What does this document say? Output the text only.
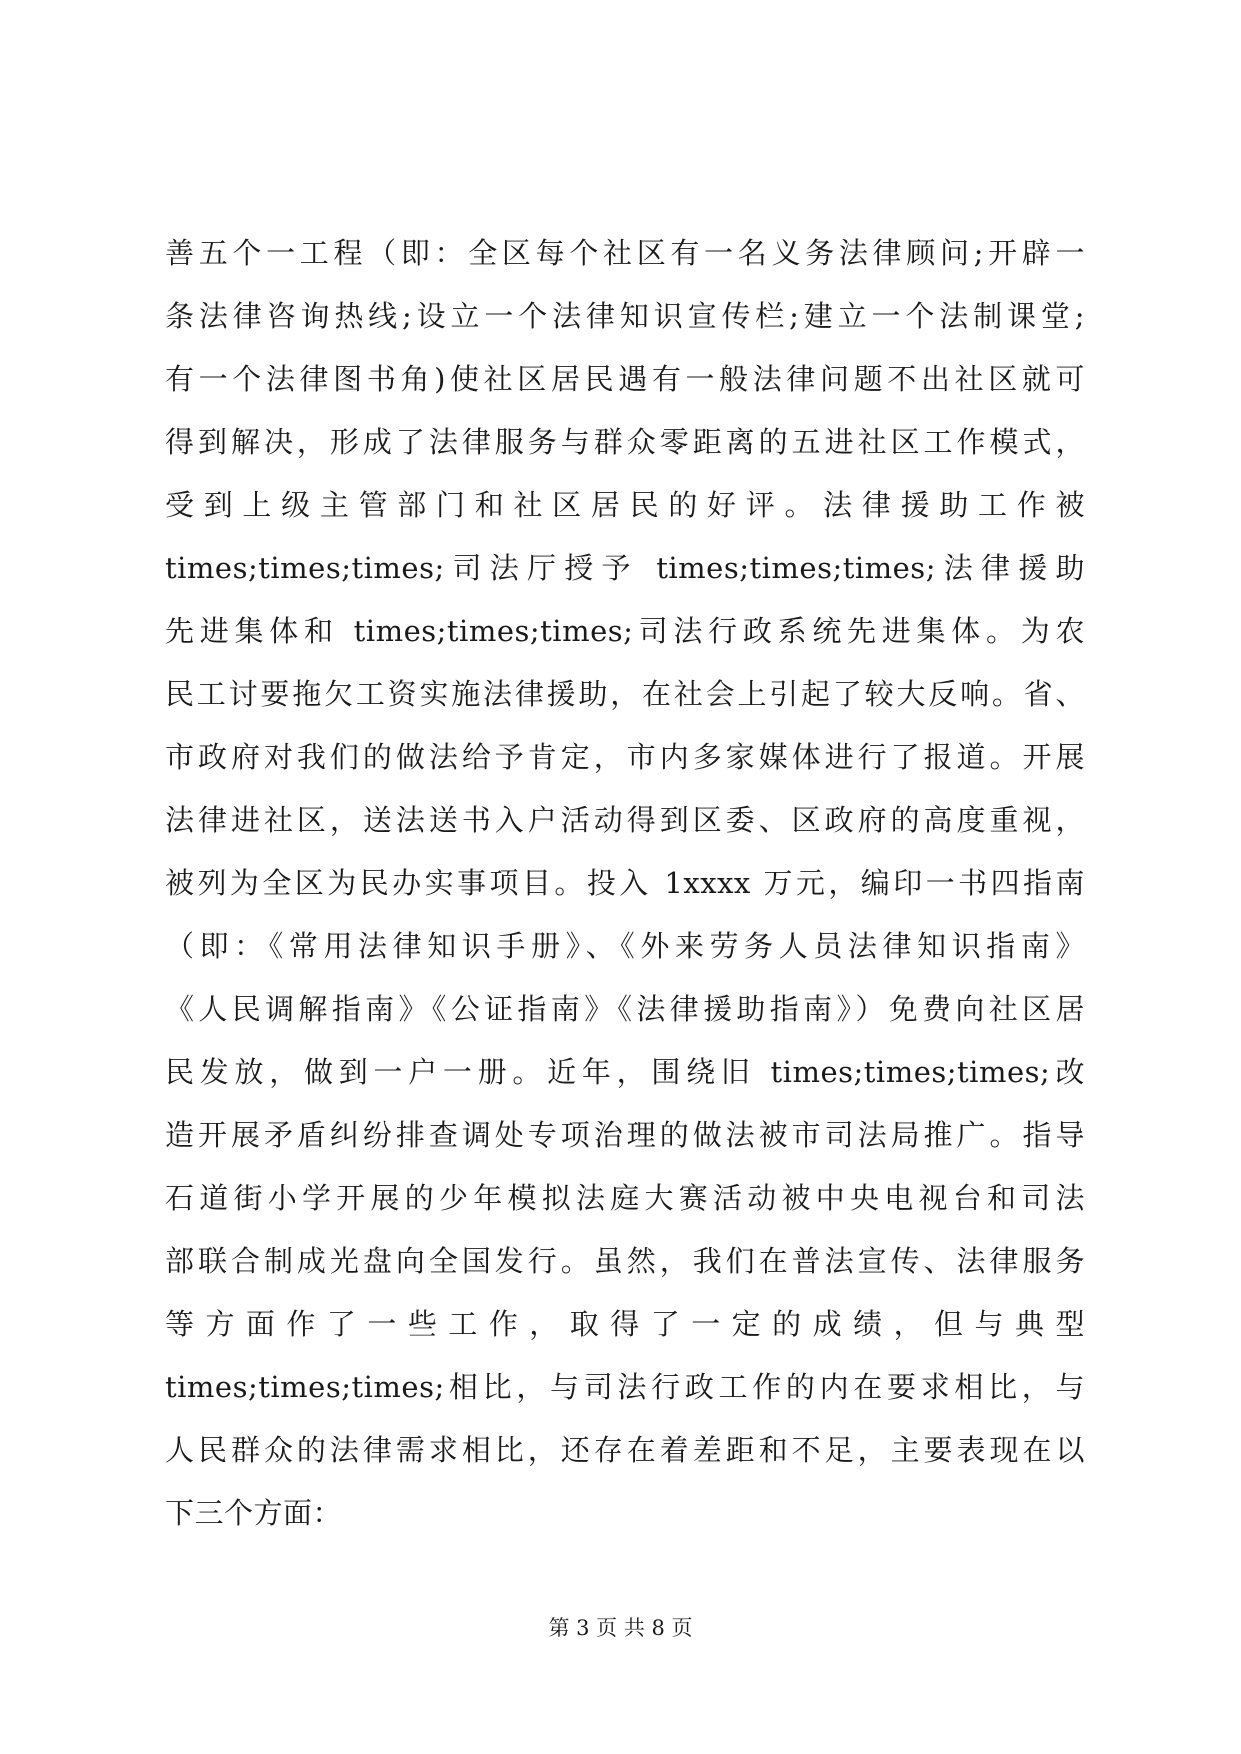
善五个一工程（即：全区每个社区有一名义务法律顾问;开辟一
条法律咨询热线;设立一个法律知识宣传栏;建立一个法制课堂;
有一个法律图书角)使社区居民遇有一般法律问题不出社区就可
得到解决，形成了法律服务与群众零距离的五进社区工作模式，
受到上级主管部门和社区居民的好评。法律援助工作被
times;times;times;司法厅授予 times;times;times;法律援助
先进集体和 times;times;times;司法行政系统先进集体。为农
民工讨要拖欠工资实施法律援助，在社会上引起了较大反响。省、
市政府对我们的做法给予肯定，市内多家媒体进行了报道。开展
法律进社区，送法送书入户活动得到区委、区政府的高度重视，
被列为全区为民办实事项目。投入 1xxxx 万元，编印一书四指南
（即：《常用法律知识手册》、《外来劳务人员法律知识指南》
《人民调解指南》《公证指南》《法律援助指南》）免费向社区居
民发放，做到一户一册。近年，围绕旧 times;times;times;改
造开展矛盾纠纷排查调处专项治理的做法被市司法局推广。指导
石道街小学开展的少年模拟法庭大赛活动被中央电视台和司法
部联合制成光盘向全国发行。虽然，我们在普法宣传、法律服务
等方面作了一些工作，取得了一定的成绩，但与典型
times;times;times;相比，与司法行政工作的内在要求相比，与
人民群众的法律需求相比，还存在着差距和不足，主要表现在以
下三个方面：
第 3 页 共 8 页
